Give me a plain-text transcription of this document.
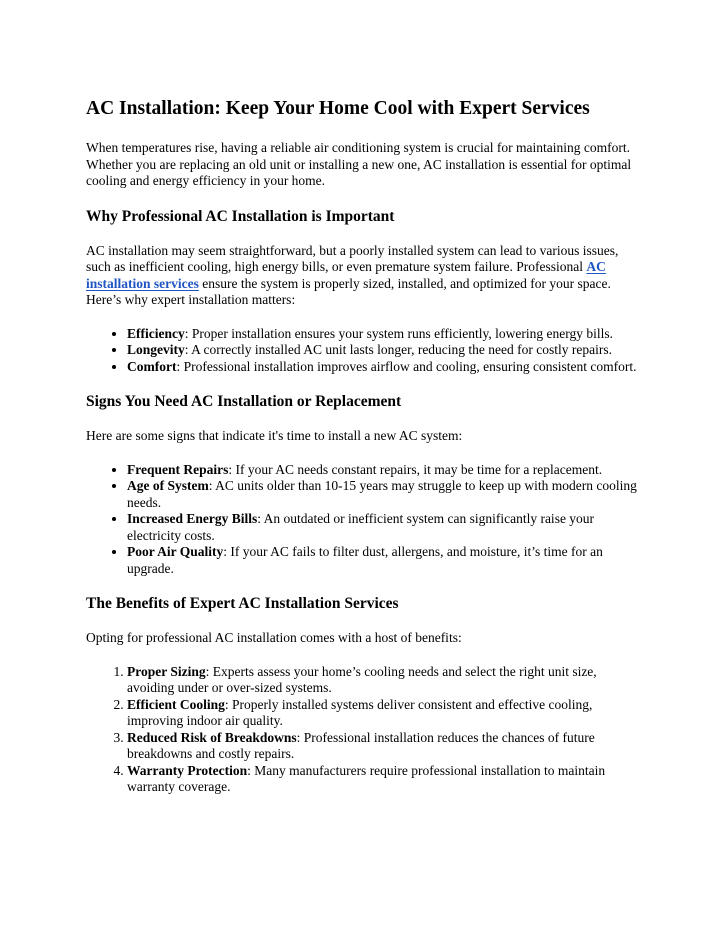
AC Installation: Keep Your Home Cool with Expert Services

When temperatures rise, having a reliable air conditioning system is crucial for maintaining comfort. Whether you are replacing an old unit or installing a new one, AC installation is essential for optimal cooling and energy efficiency in your home.

Why Professional AC Installation is Important

AC installation may seem straightforward, but a poorly installed system can lead to various issues, such as inefficient cooling, high energy bills, or even premature system failure. Professional AC installation services ensure the system is properly sized, installed, and optimized for your space. Here’s why expert installation matters:

• Efficiency: Proper installation ensures your system runs efficiently, lowering energy bills.
• Longevity: A correctly installed AC unit lasts longer, reducing the need for costly repairs.
• Comfort: Professional installation improves airflow and cooling, ensuring consistent comfort.
Signs You Need AC Installation or Replacement

Here are some signs that indicate it's time to install a new AC system:

• Frequent Repairs: If your AC needs constant repairs, it may be time for a replacement.
• Age of System: AC units older than 10-15 years may struggle to keep up with modern cooling needs.
• Increased Energy Bills: An outdated or inefficient system can significantly raise your electricity costs.
• Poor Air Quality: If your AC fails to filter dust, allergens, and moisture, it’s time for an upgrade.
The Benefits of Expert AC Installation Services

Opting for professional AC installation comes with a host of benefits:

1. Proper Sizing: Experts assess your home’s cooling needs and select the right unit size, avoiding under or over-sized systems.
2. Efficient Cooling: Properly installed systems deliver consistent and effective cooling, improving indoor air quality.
3. Reduced Risk of Breakdowns: Professional installation reduces the chances of future breakdowns and costly repairs.
4. Warranty Protection: Many manufacturers require professional installation to maintain warranty coverage.
